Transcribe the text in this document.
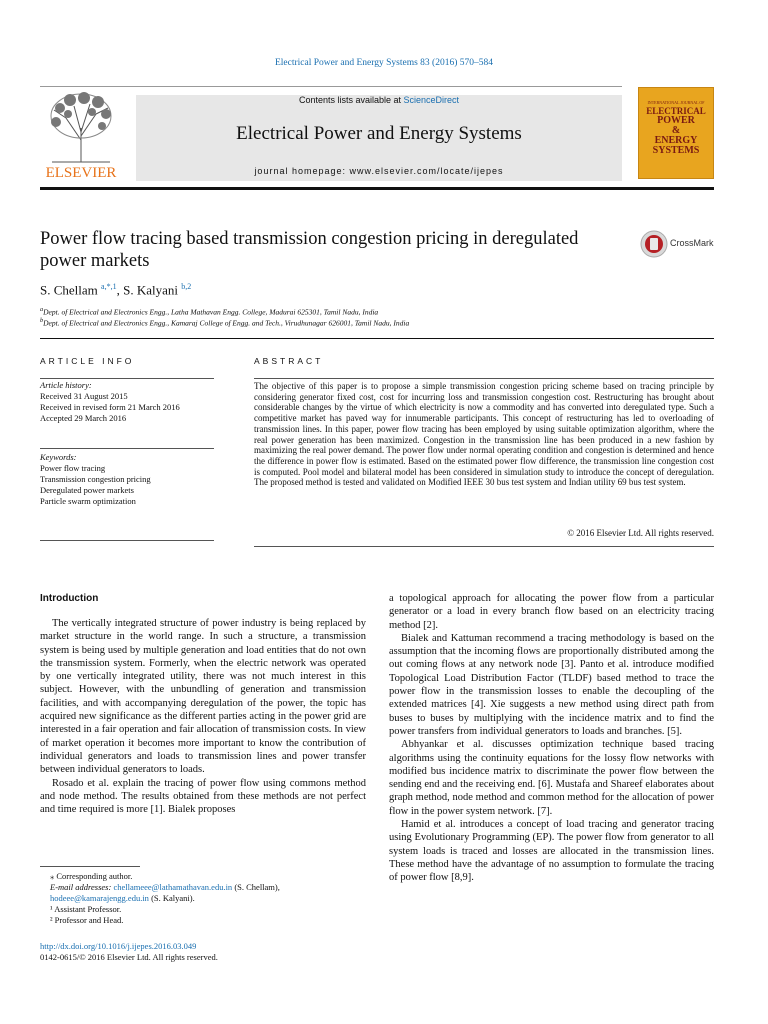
Electrical Power and Energy Systems 83 (2016) 570–584
ELSEVIER
Contents lists available at ScienceDirect
Electrical Power and Energy Systems
journal homepage: www.elsevier.com/locate/ijepes
INTERNATIONAL JOURNAL OF
ELECTRICAL
POWER
&
ENERGY
SYSTEMS
Power flow tracing based transmission congestion pricing in deregulated power markets
CrossMark
S. Chellam $^{a,*,1}$, S. Kalyani $^{b,2}$
$^a$Dept. of Electrical and Electronics Engg., Latha Mathavan Engg. College, Madurai 625301, Tamil Nadu, India
$^b$Dept. of Electrical and Electronics Engg., Kamaraj College of Engg. and Tech., Virudhunagar 626001, Tamil Nadu, India
ARTICLE INFO	ABSTRACT
Article history:
Received 31 August 2015
Received in revised form 21 March 2016
Accepted 29 March 2016
Keywords:
Power flow tracing
Transmission congestion pricing
Deregulated power markets
Particle swarm optimization
The objective of this paper is to propose a simple transmission congestion pricing scheme based on tracing principle by considering generator fixed cost, cost for incurring loss and transmission congestion cost. Restructuring has brought about considerable changes by the virtue of which electricity is now a commodity and has converted into deregulated type. Such a competitive market has paved way for innumerable participants. This concept of restructuring has led to overloading of transmission lines. In this paper, power flow tracing has been employed by using suitable optimization algorithm, where the real power generation has been maximized. Congestion in the transmission line has been produced in a new fashion by maximizing the real power demand. The power flow under normal operating condition and congestion is determined and hence the difference in power flow is estimated. Based on the estimated power flow difference, the transmission line congestion cost is computed. Pool model and bilateral model has been considered in simulation study to introduce the concept of deregulation. The proposed method is tested and validated on Modified IEEE 30 bus test system and Indian utility 69 bus test system.
© 2016 Elsevier Ltd. All rights reserved.
Introduction

The vertically integrated structure of power industry is being replaced by market structure in the world range. In such a structure, a transmission system is being used by multiple generation and load entities that do not own the transmission system. Formerly, when the electric network was operated by one vertically integrated utility, there was not much interest in this subject. However, with the unbundling of generation and transmission facilities, and with accompanying deregulation of the power, the topic has acquired new significance as the different parties acting in the power grid are interested in a fair operation and fair allocation of transmission costs. In view of market operation it becomes more important to know the contribution of individual generators and loads to transmission lines and power transfer between individual generators to loads.

Rosado et al. explain the tracing of power flow using commons method and node method. The results obtained from these methods are not perfect and time required is more [1]. Bialek proposes

a topological approach for allocating the power flow from a particular generator or a load in every branch flow based on an electricity tracing method [2].

Bialek and Kattuman recommend a tracing methodology is based on the assumption that the incoming flows are proportionally distributed among the out coming flows at any network node [3]. Panto et al. introduce modified Topological Load Distribution Factor (TLDF) based method to trace the power flow in the transmission losses to enable the decoupling of the extended matrices [4]. Xie suggests a new method using direct path from buses to buses by multiplying with the incidence matrix and to find the power transfers from individual generators to loads and branches. [5].

Abhyankar et al. discusses optimization technique based tracing algorithms using the continuity equations for the lossy flow networks with modified bus incidence matrix to discriminate the power flow between the sending end and the receiving end. [6]. Mustafa and Shareef elaborates about graph method, node method and common method for the allocation of power flow in the power system network. [7].

Hamid et al. introduces a concept of load tracing and generator tracing using Evolutionary Programming (EP). The power flow from generator to all system loads is traced and losses are allocated in the transmission lines. These method have the advantage of no assumption to formulate the tracing of power flow [8,9].

⁎ Corresponding author.
E-mail addresses: chellameee@lathamathavan.edu.in (S. Chellam), hodeee@kamarajengg.edu.in (S. Kalyani).
¹ Assistant Professor.
² Professor and Head.
http://dx.doi.org/10.1016/j.ijepes.2016.03.049
0142-0615/© 2016 Elsevier Ltd. All rights reserved.
